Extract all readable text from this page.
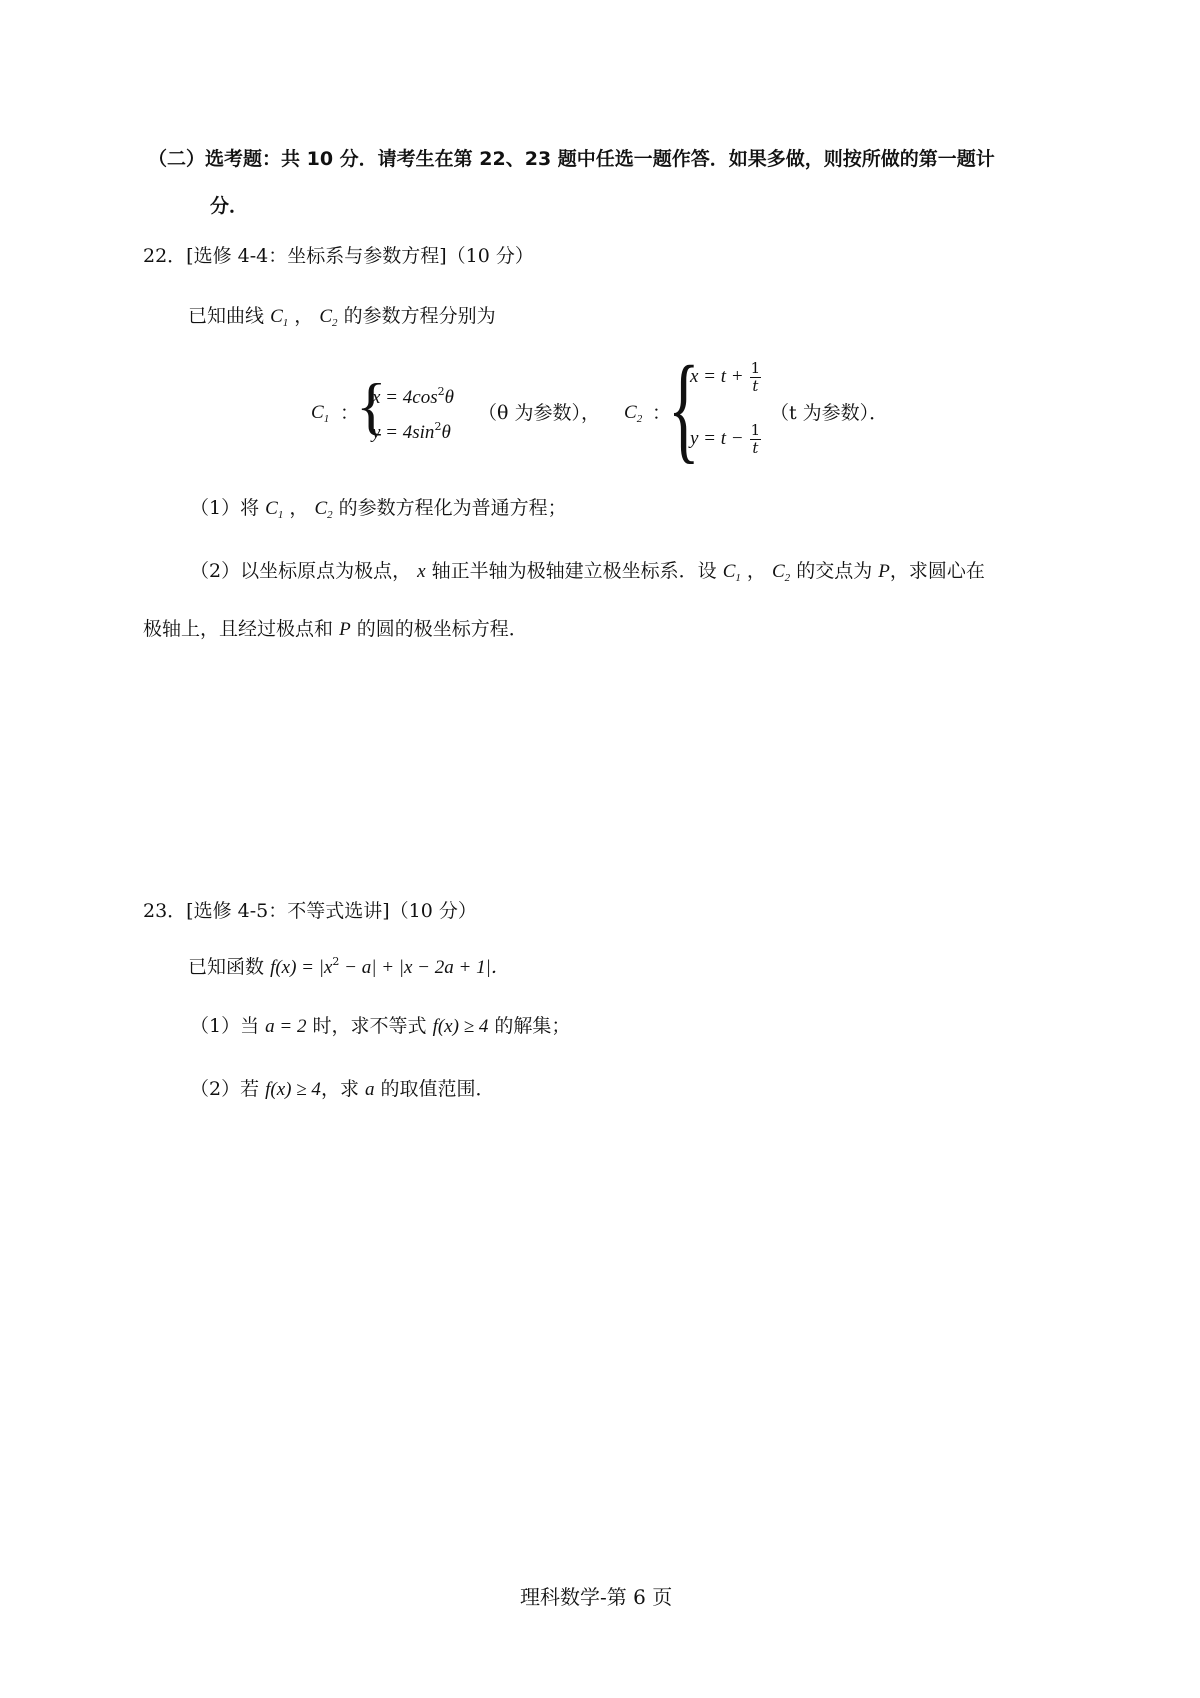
（二）选考题：共 10 分．请考生在第 22、23 题中任选一题作答．如果多做，则按所做的第一题计
分．
22．[选修 4-4：坐标系与参数方程]（10 分）
已知曲线 $C_1$ ， $C_2$ 的参数方程分别为
$C_1$ ：
{
$x = 4\cos^2\theta$
$y = 4\sin^2\theta$
（θ 为参数）， $C_2$ ：
{
$x = t + \frac{1}{t}$
$y = t - \frac{1}{t}$
（t 为参数）．
（1）将 $C_1$ ， $C_2$ 的参数方程化为普通方程；
（2）以坐标原点为极点， x 轴正半轴为极轴建立极坐标系．设 $C_1$ ， $C_2$ 的交点为 P，求圆心在
极轴上，且经过极点和 P 的圆的极坐标方程．
23．[选修 4-5：不等式选讲]（10 分）
已知函数 $f(x) = |x^2 - a| + |x - 2a + 1|$．
（1）当 a = 2 时，求不等式 f(x) ≥ 4 的解集；
（2）若 f(x) ≥ 4，求 a 的取值范围．
理科数学-第 6 页
